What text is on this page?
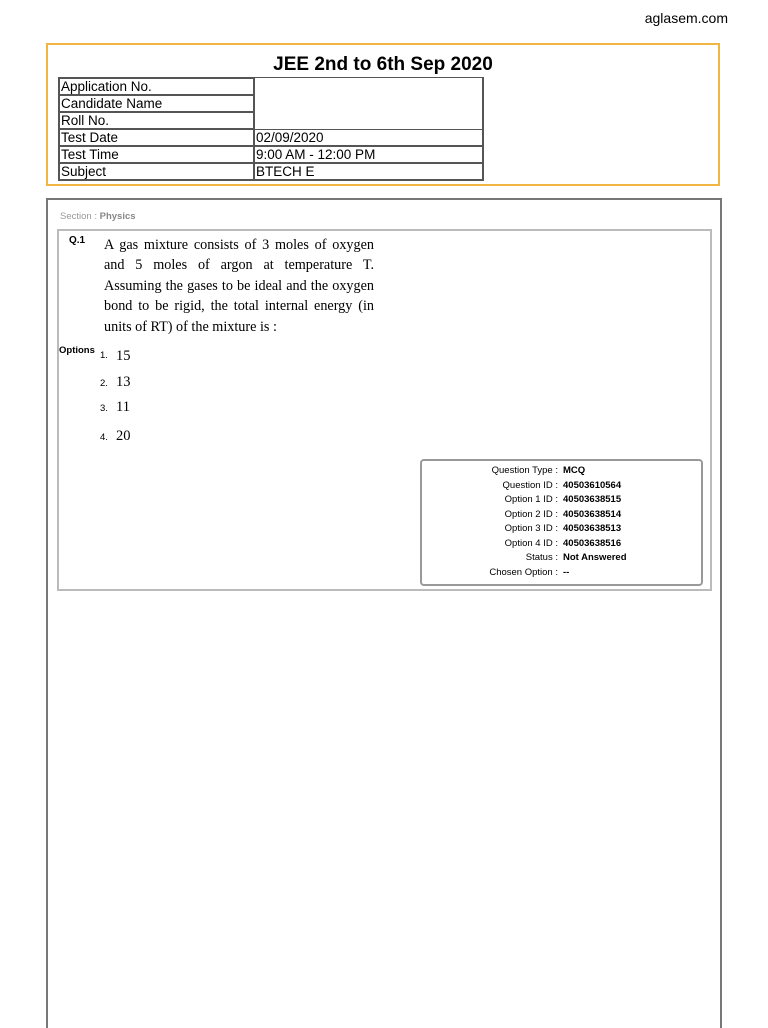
aglasem.com
JEE 2nd to 6th Sep 2020
Application No.	
Candidate Name	
Roll No.	
Test Date	02/09/2020
Test Time	9:00 AM - 12:00 PM
Subject	BTECH E
Section : Physics
Q.1 A gas mixture consists of 3 moles of oxygen and 5 moles of argon at temperature T. Assuming the gases to be ideal and the oxygen bond to be rigid, the total internal energy (in units of RT) of the mixture is :
Options 1. 15
2. 13
3. 11
4. 20
Question Type : MCQ
Question ID : 40503610564
Option 1 ID : 40503638515
Option 2 ID : 40503638514
Option 3 ID : 40503638513
Option 4 ID : 40503638516
Status : Not Answered
Chosen Option : --
